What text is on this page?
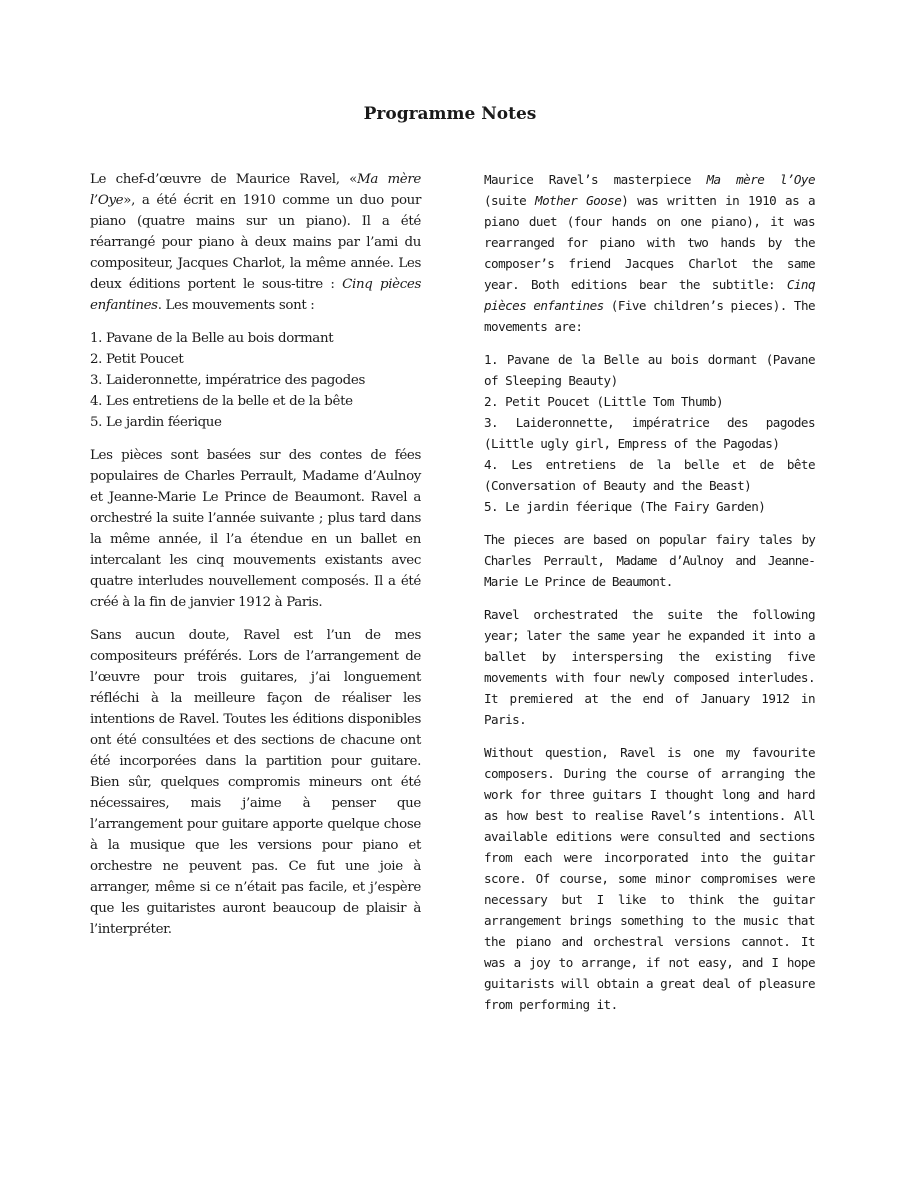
Programme Notes

Le chef-d’œuvre de Maurice Ravel, «Ma mère l’Oye», a été écrit en 1910 comme un duo pour piano (quatre mains sur un piano). Il a été réarrangé pour piano à deux mains par l’ami du compositeur, Jacques Charlot, la même année. Les deux éditions portent le sous-titre : Cinq pièces enfantines. Les mouvements sont :

1. Pavane de la Belle au bois dormant
2. Petit Poucet
3. Laideronnette, impératrice des pagodes
4. Les entretiens de la belle et de la bête
5. Le jardin féerique

Les pièces sont basées sur des contes de fées populaires de Charles Perrault, Madame d’Aulnoy et Jeanne-Marie Le Prince de Beaumont. Ravel a orchestré la suite l’année suivante ; plus tard dans la même année, il l’a étendue en un ballet en intercalant les cinq mouvements existants avec quatre interludes nouvellement composés. Il a été créé à la fin de janvier 1912 à Paris.

Sans aucun doute, Ravel est l’un de mes compositeurs préférés. Lors de l’arrangement de l’œuvre pour trois guitares, j’ai longuement réfléchi à la meilleure façon de réaliser les intentions de Ravel. Toutes les éditions disponibles ont été consultées et des sections de chacune ont été incorporées dans la partition pour guitare. Bien sûr, quelques compromis mineurs ont été nécessaires, mais j’aime à penser que l’arrangement pour guitare apporte quelque chose à la musique que les versions pour piano et orchestre ne peuvent pas. Ce fut une joie à arranger, même si ce n’était pas facile, et j’espère que les guitaristes auront beaucoup de plaisir à l’interpréter.

Maurice Ravel’s masterpiece Ma mère l’Oye (suite Mother Goose) was written in 1910 as a piano duet (four hands on one piano), it was rearranged for piano with two hands by the composer’s friend Jacques Charlot the same year. Both editions bear the subtitle: Cinq pièces enfantines (Five children’s pieces). The movements are:

1. Pavane de la Belle au bois dormant (Pavane of Sleeping Beauty)
2. Petit Poucet (Little Tom Thumb)
3. Laideronnette, impératrice des pagodes (Little ugly girl, Empress of the Pagodas)
4. Les entretiens de la belle et de bête (Conversation of Beauty and the Beast)
5. Le jardin féerique (The Fairy Garden)

The pieces are based on popular fairy tales by Charles Perrault, Madame d’Aulnoy and Jeanne-Marie Le Prince de Beaumont.

Ravel orchestrated the suite the following year; later the same year he expanded it into a ballet by interspersing the existing five movements with four newly composed interludes. It premiered at the end of January 1912 in Paris.

Without question, Ravel is one my favourite composers. During the course of arranging the work for three guitars I thought long and hard as how best to realise Ravel’s intentions. All available editions were consulted and sections from each were incorporated into the guitar score. Of course, some minor compromises were necessary but I like to think the guitar arrangement brings something to the music that the piano and orchestral versions cannot. It was a joy to arrange, if not easy, and I hope guitarists will obtain a great deal of pleasure from performing it.
